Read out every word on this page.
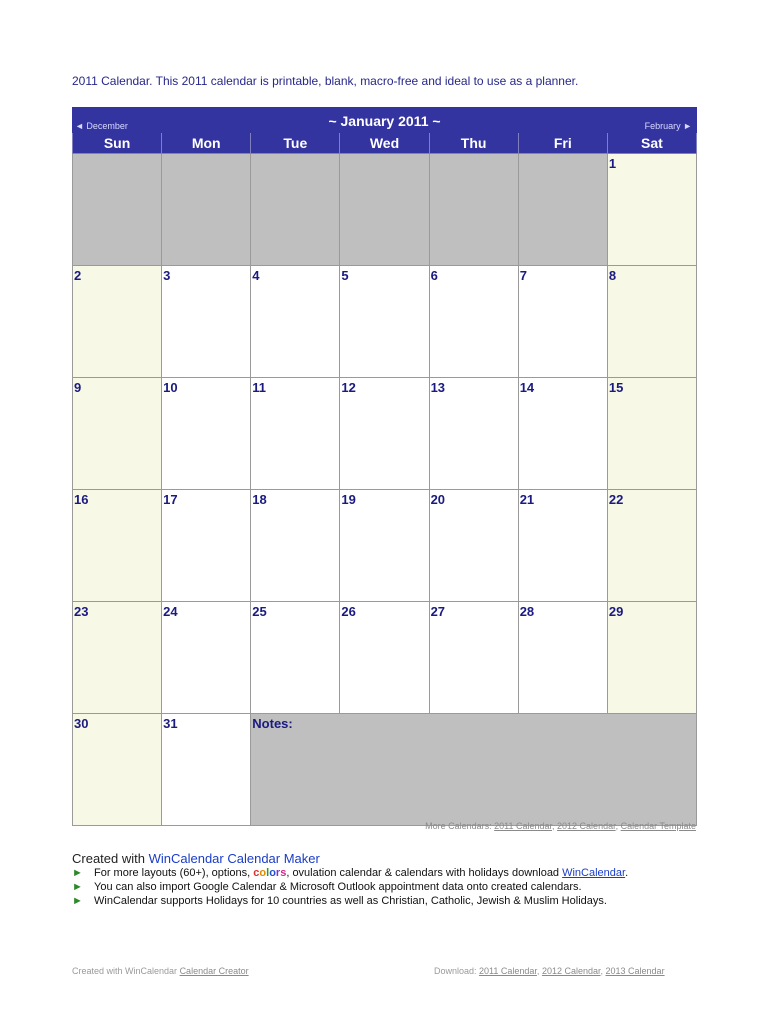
2011 Calendar. This 2011 calendar is printable, blank, macro-free and ideal to use as a planner.
◄ December ~ January 2011 ~ February ►						

Sun	Mon	Tue	Wed	Thu	Fri	Sat

						1

2	3	4	5	6	7	8

9	10	11	12	13	14	15

16	17	18	19	20	21	22

23	24	25	26	27	28	29

30	31	Notes:				
More Calendars: 2011 Calendar, 2012 Calendar, Calendar Template
Created with WinCalendar Calendar Maker
► For more layouts (60+), options, colors, ovulation calendar & calendars with holidays download WinCalendar.
► You can also import Google Calendar & Microsoft Outlook appointment data onto created calendars.
► WinCalendar supports Holidays for 10 countries as well as Christian, Catholic, Jewish & Muslim Holidays.
Created with WinCalendar Calendar Creator	Download: 2011 Calendar, 2012 Calendar, 2013 Calendar
